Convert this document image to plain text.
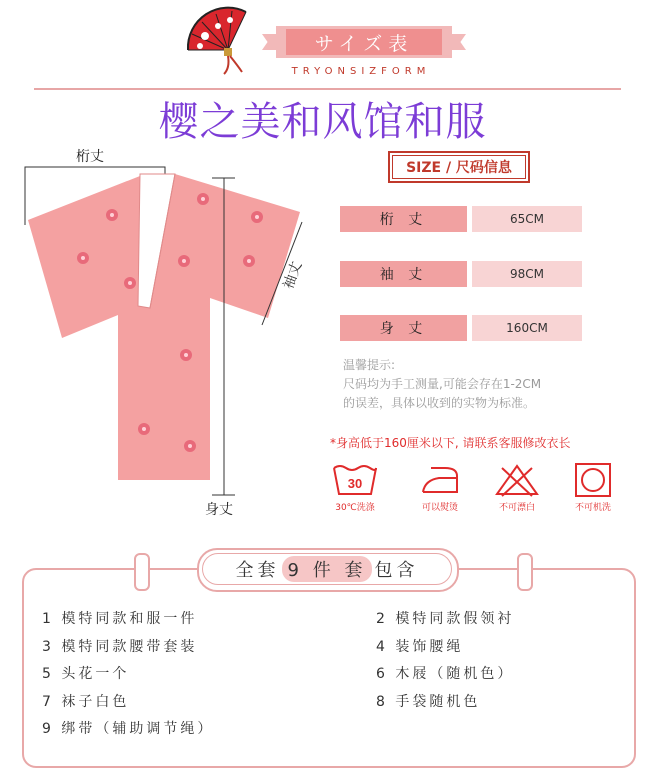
サイズ表
TRYONSIZFORM
樱之美和风馆和服
桁丈
袖丈
身丈
SIZE / 尺码信息
桁 丈	65CM
袖 丈	98CM
身 丈	160CM
温馨提示:
尺码均为手工测量,可能会存在1-2CM
的误差，具体以收到的实物为标准。
*身高低于160厘米以下, 请联系客服修改衣长
30
30℃洗涤	可以熨烫	不可漂白	不可机洗
全套 9 件 套 包含
1 模特同款和服一件
3 模特同款腰带套装
5 头花一个
7 袜子白色
9 绑带（辅助调节绳）
2 模特同款假领衬
4 装饰腰绳
6 木屐（随机色）
8 手袋随机色
